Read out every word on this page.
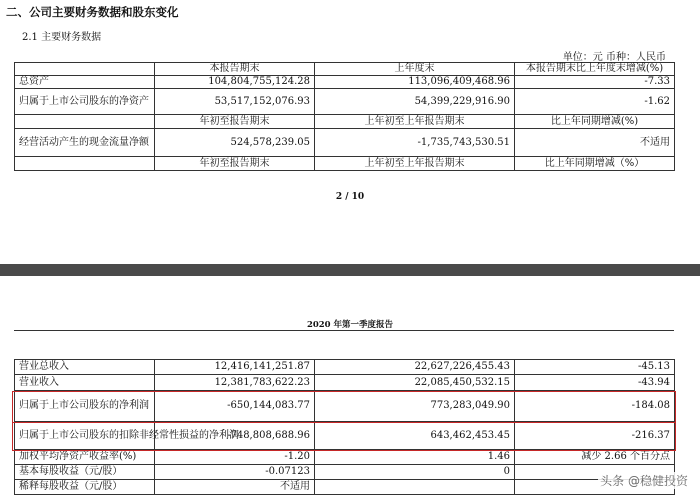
二、公司主要财务数据和股东变化
2.1 主要财务数据
单位：元 币种：人民币
	本报告期末	上年度末	本报告期末比上年度末增减(%)
总资产	104,804,755,124.28	113,096,409,468.96	-7.33
归属于上市公司股东的净资产	53,517,152,076.93	54,399,229,916.90	-1.62
	年初至报告期末	上年初至上年报告期末	比上年同期增减(%)
经营活动产生的现金流量净额	524,578,239.05	-1,735,743,530.51	不适用
	年初至报告期末	上年初至上年报告期末	比上年同期增减（%）
2 / 10
2020 年第一季度报告
营业总收入	12,416,141,251.87	22,627,226,455.43	-45.13
营业收入	12,381,783,622.23	22,085,450,532.15	-43.94
归属于上市公司股东的净利润	-650,144,083.77	773,283,049.90	-184.08
归属于上市公司股东的扣除非经常性损益的净利润	-748,808,688.96	643,462,453.45	-216.37
加权平均净资产收益率(%)	-1.20	1.46	减少 2.66 个百分点
基本每股收益（元/股）	-0.07123	0	
稀释每股收益（元/股）	不适用			头条 @稳健投资
